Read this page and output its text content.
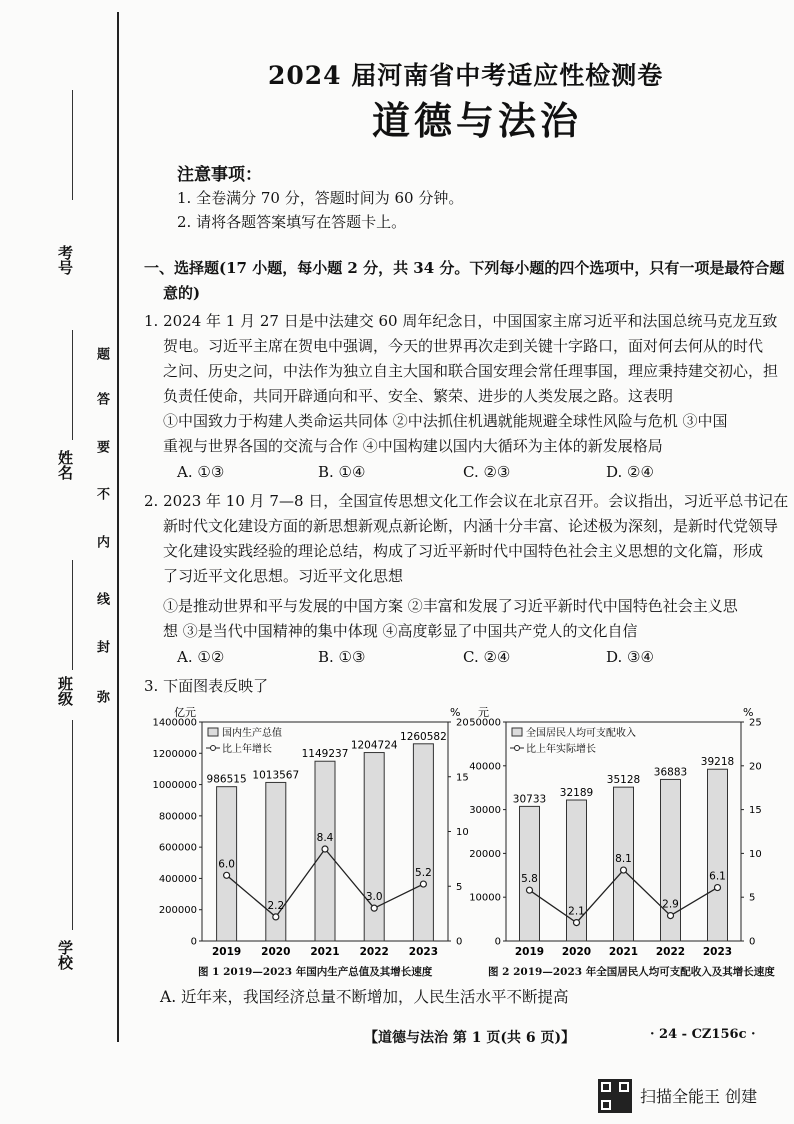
考号
姓名
班级
学校
题
答
要
不
内
线
封
弥
2024 届河南省中考适应性检测卷
道德与法治
注意事项：
1. 全卷满分 70 分，答题时间为 60 分钟。
2. 请将各题答案填写在答题卡上。
一、选择题(17 小题，每小题 2 分，共 34 分。下列每小题的四个选项中，只有一项是最符合题
意的)
1. 2024 年 1 月 27 日是中法建交 60 周年纪念日，中国国家主席习近平和法国总统马克龙互致
贺电。习近平主席在贺电中强调，今天的世界再次走到关键十字路口，面对何去何从的时代
之问、历史之问，中法作为独立自主大国和联合国安理会常任理事国，理应秉持建交初心，担
负责任使命，共同开辟通向和平、安全、繁荣、进步的人类发展之路。这表明
①中国致力于构建人类命运共同体 ②中法抓住机遇就能规避全球性风险与危机 ③中国
重视与世界各国的交流与合作 ④中国构建以国内大循环为主体的新发展格局
A. ①③	B. ①④	C. ②③	D. ②④
2. 2023 年 10 月 7—8 日，全国宣传思想文化工作会议在北京召开。会议指出，习近平总书记在
新时代文化建设方面的新思想新观点新论断，内涵十分丰富、论述极为深刻，是新时代党领导
文化建设实践经验的理论总结，构成了习近平新时代中国特色社会主义思想的文化篇，形成
了习近平文化思想。习近平文化思想
①是推动世界和平与发展的中国方案 ②丰富和发展了习近平新时代中国特色社会主义思
想 ③是当代中国精神的集中体现 ④高度彰显了中国共产党人的文化自信
A. ①②	B. ①③	C. ②④	D. ③④
3. 下面图表反映了
亿元	%
1400000
1200000
1000000
800000
600000
400000
200000
0
20
15
10
5
0
986515
2019
1013567
2020
1149237
2021
1204724
2022
1260582
2023
6.0
2.2
8.4
3.0
5.2
国内生产总值
比上年增长
元	%
50000
40000
30000
20000
10000
0
25
20
15
10
5
0
30733
2019
32189
2020
35128
2021
36883
2022
39218
2023
5.8
2.1
8.1
2.9
6.1
全国居民人均可支配收入
比上年实际增长
图 1 2019—2023 年国内生产总值及其增长速度	图 2 2019—2023 年全国居民人均可支配收入及其增长速度
A. 近年来，我国经济总量不断增加，人民生活水平不断提高
【道德与法治 第 1 页(共 6 页)】	· 24 - CZ156c ·
扫描全能王 创建
